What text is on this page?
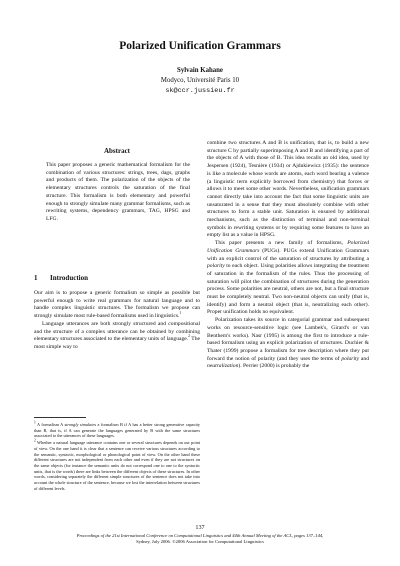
Polarized Unification Grammars
Sylvain Kahane
Modyco, Université Paris 10
sk@ccr.jussieu.fr
Abstract
This paper proposes a generic mathematical formalism for the combination of various structures: strings, trees, dags, graphs and products of them. The polarization of the objects of the elementary structures controls the saturation of the final structure. This formalism is both elementary and powerful enough to strongly simulate many grammar formalisms, such as rewriting systems, dependency grammars, TAG, HPSG and LFG.
1 Introduction

Our aim is to propose a generic formalism so simple as possible but powerful enough to write real grammars for natural language and to handle complex linguistic structures. The formalism we propose can strongly simulate most rule-based formalisms used in linguistics.$^1$

Language utterances are both strongly structured and compositional and the structure of a complex utterance can be obtained by combining elementary structures associated to the elementary units of language.$^2$ The most simple way to

$^1$ A formalism A strongly simulates a formalism B if A has a better strong generative capacity than B, that is, if A can generate the languages generated by B with the same structures associated to the utterances of these languages.

$^2$ Whether a natural language utterance contains one or several structures depends on our point of view. On the one hand it is clear that a sentence can receive various structures according to the semantic, syntactic, morphological or phonological point of view. On the other hand these different structures are not independent from each other and even if they are not structures on the same objects (for instance the semantic units do not correspond one to one to the syntactic units, that is the words) there are links between the different objects of these structures. In other words, considering separately the different simple structures of the sentence does not take into account the whole structure of the sentence, because we lost the interrelation between structures of different levels.

combine two structures A and B is unification, that is, to build a new structure C by partially superimposing A and B and identifying a part of the objects of A with those of B. This idea recalls an old idea, used by Jespersen (1924), Tesnière (1934) or Ajdukiewicz (1935): the sentence is like a molecule whose words are atoms, each word bearing a valence (a linguistic term explicitly borrowed from chemistry) that forces or allows it to meet some other words. Nevertheless, unification grammars cannot directly take into account the fact that some linguistic units are unsaturated in a sense that they must absolutely combine with other structures to form a stable unit. Saturation is ensured by additional mechanisms, such as the distinction of terminal and non-terminal symbols in rewriting systems or by requiring some features to have an empty list as a value in HPSG.

This paper presents a new family of formalisms, Polarized Unification Grammars (PUGs). PUGs extend Unification Grammars with an explicit control of the saturation of structures by attributing a polarity to each object. Using polarities allows integrating the treatment of saturation in the formalism of the rules. Thus the processing of saturation will pilot the combination of structures during the generation process. Some polarities are neutral, others are not, but a final structure must be completely neutral. Two non-neutral objects can unify (that is, identify) and form a neutral object (that is, neutralizing each other). Proper unification holds no equivalent.

Polarization takes its source in categorial grammar and subsequent works on resource-sensitive logic (see Lambek's, Girard's or van Benthem's works). Nasr (1995) is among the first to introduce a rule-based formalism using an explicit polarization of structures. Duchier & Thater (1999) propose a formalism for tree description where they put forward the notion of polarity (and they uses the terms of polarity and neutralization). Perrier (2000) is probably the

137
Proceedings of the 21st International Conference on Computational Linguistics and 44th Annual Meeting of the ACL, pages 137–144,
Sydney, July 2006. ©2006 Association for Computational Linguistics
